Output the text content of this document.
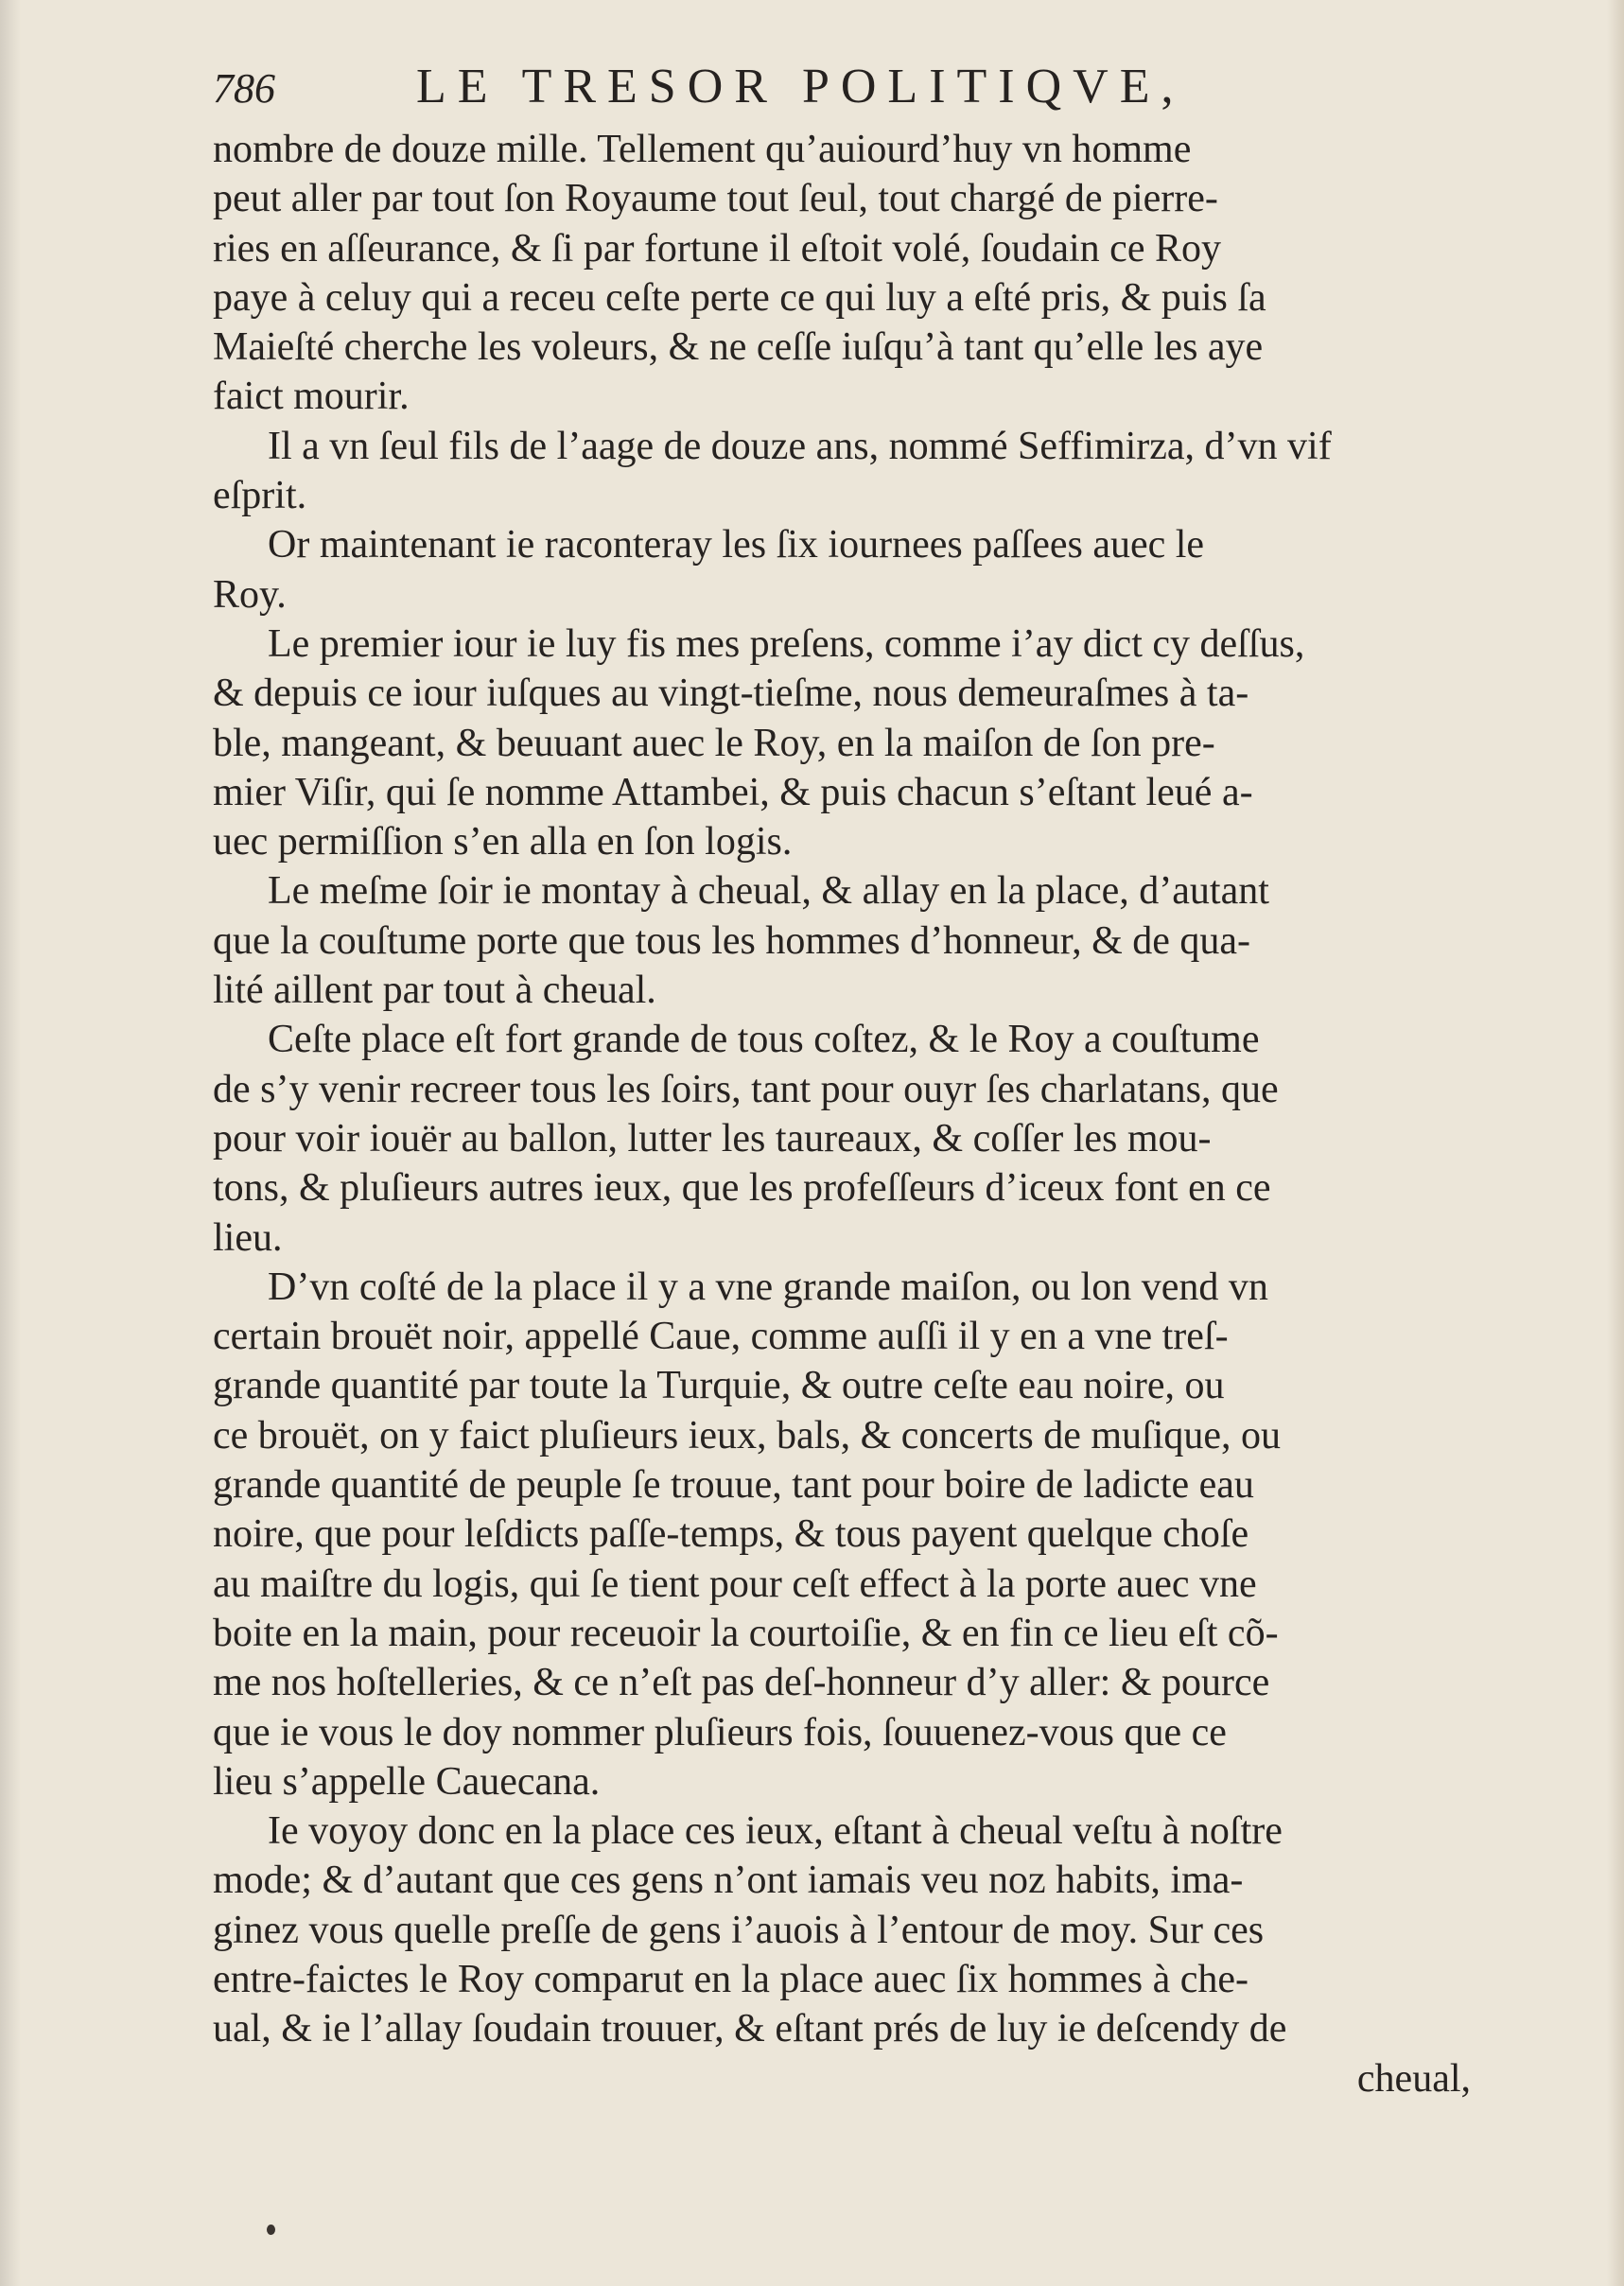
786	LE TRESOR POLITIQVE,
nombre de douze mille. Tellement qu’auiourd’huy vn homme
peut aller par tout ſon Royaume tout ſeul, tout chargé de pierre-
ries en aſſeurance, & ſi par fortune il eſtoit volé, ſoudain ce Roy
paye à celuy qui a receu ceſte perte ce qui luy a eſté pris, & puis ſa
Maieſté cherche les voleurs, & ne ceſſe iuſqu’à tant qu’elle les aye
faict mourir.
Il a vn ſeul fils de l’aage de douze ans, nommé Seffimirza, d’vn vif
eſprit.
Or maintenant ie raconteray les ſix iournees paſſees auec le
Roy.
Le premier iour ie luy fis mes preſens, comme i’ay dict cy deſſus,
& depuis ce iour iuſques au vingt-tieſme, nous demeuraſmes à ta-
ble, mangeant, & beuuant auec le Roy, en la maiſon de ſon pre-
mier Viſir, qui ſe nomme Attambei, & puis chacun s’eſtant leué a-
uec permiſſion s’en alla en ſon logis.
Le meſme ſoir ie montay à cheual, & allay en la place, d’autant
que la couſtume porte que tous les hommes d’honneur, & de qua-
lité aillent par tout à cheual.
Ceſte place eſt fort grande de tous coſtez, & le Roy a couſtume
de s’y venir recreer tous les ſoirs, tant pour ouyr ſes charlatans, que
pour voir iouër au ballon, lutter les taureaux, & coſſer les mou-
tons, & pluſieurs autres ieux, que les profeſſeurs d’iceux font en ce
lieu.
D’vn coſté de la place il y a vne grande maiſon, ou lon vend vn
certain brouët noir, appellé Caue, comme auſſi il y en a vne treſ-
grande quantité par toute la Turquie, & outre ceſte eau noire, ou
ce brouët, on y faict pluſieurs ieux, bals, & concerts de muſique, ou
grande quantité de peuple ſe trouue, tant pour boire de ladicte eau
noire, que pour leſdicts paſſe-temps, & tous payent quelque choſe
au maiſtre du logis, qui ſe tient pour ceſt effect à la porte auec vne
boite en la main, pour receuoir la courtoiſie, & en fin ce lieu eſt cõ-
me nos hoſtelleries, & ce n’eſt pas deſ-honneur d’y aller: & pource
que ie vous le doy nommer pluſieurs fois, ſouuenez-vous que ce
lieu s’appelle Cauecana.
Ie voyoy donc en la place ces ieux, eſtant à cheual veſtu à noſtre
mode; & d’autant que ces gens n’ont iamais veu noz habits, ima-
ginez vous quelle preſſe de gens i’auois à l’entour de moy. Sur ces
entre-faictes le Roy comparut en la place auec ſix hommes à che-
ual, & ie l’allay ſoudain trouuer, & eſtant prés de luy ie deſcendy de
cheual,
